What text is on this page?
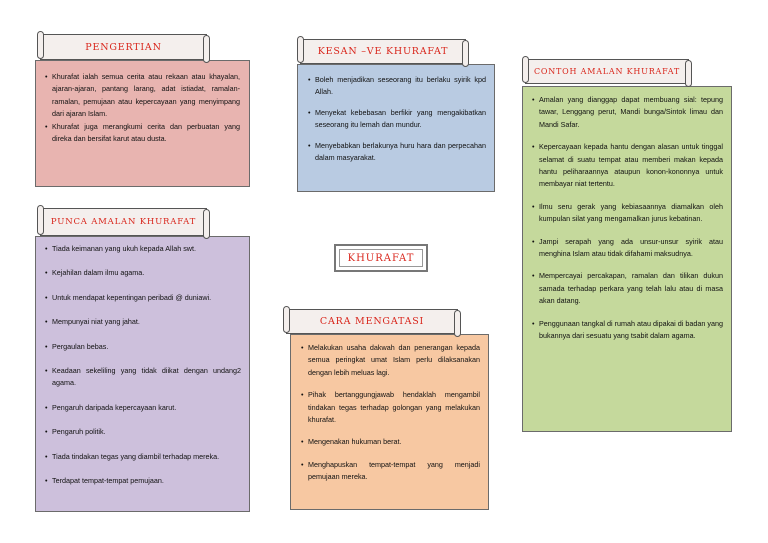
• Khurafat ialah semua cerita atau rekaan atau khayalan, ajaran-ajaran, pantang larang, adat istiadat, ramalan-ramalan, pemujaan atau kepercayaan yang menyimpang dari ajaran Islam.
• Khurafat juga merangkumi cerita dan perbuatan yang direka dan bersifat karut atau dusta.
PENGERTIAN
• Tiada keimanan yang ukuh kepada Allah swt.
• Kejahilan dalam ilmu agama.
• Untuk mendapat kepentingan peribadi @ duniawi.
• Mempunyai niat yang jahat.
• Pergaulan bebas.
• Keadaan sekeliling yang tidak diikat dengan undang2 agama.
• Pengaruh daripada kepercayaan karut.
• Pengaruh politik.
• Tiada tindakan tegas yang diambil terhadap mereka.
• Terdapat tempat-tempat pemujaan.
PUNCA AMALAN KHURAFAT
• Boleh menjadikan seseorang itu berlaku syirik kpd Allah.
• Menyekat kebebasan berfikir yang mengakibatkan seseorang itu lemah dan mundur.
• Menyebabkan berlakunya huru hara dan perpecahan dalam masyarakat.
KESAN –VE KHURAFAT
KHURAFAT
• Melakukan usaha dakwah dan penerangan kepada semua peringkat umat Islam perlu dilaksanakan dengan lebih meluas lagi.
• Pihak bertanggungjawab hendaklah mengambil tindakan tegas terhadap golongan yang melakukan khurafat.
• Mengenakan hukuman berat.
• Menghapuskan tempat-tempat yang menjadi pemujaan mereka.
CARA MENGATASI
• Amalan yang dianggap dapat membuang sial: tepung tawar, Lenggang perut, Mandi bunga/Sintok limau dan Mandi Safar.
• Kepercayaan kepada hantu dengan alasan untuk tinggal selamat di suatu tempat atau memberi makan kepada hantu peliharaannya ataupun konon-kononnya untuk membayar niat tertentu.
• Ilmu seru gerak yang kebiasaannya diamalkan oleh kumpulan silat yang mengamalkan jurus kebatinan.
• Jampi serapah yang ada unsur-unsur syirik atau menghina Islam atau tidak difahami maksudnya.
• Mempercayai percakapan, ramalan dan tilikan dukun samada terhadap perkara yang telah lalu atau di masa akan datang.
• Penggunaan tangkal di rumah atau dipakai di badan yang bukannya dari sesuatu yang tsabit dalam agama.
CONTOH AMALAN KHURAFAT
